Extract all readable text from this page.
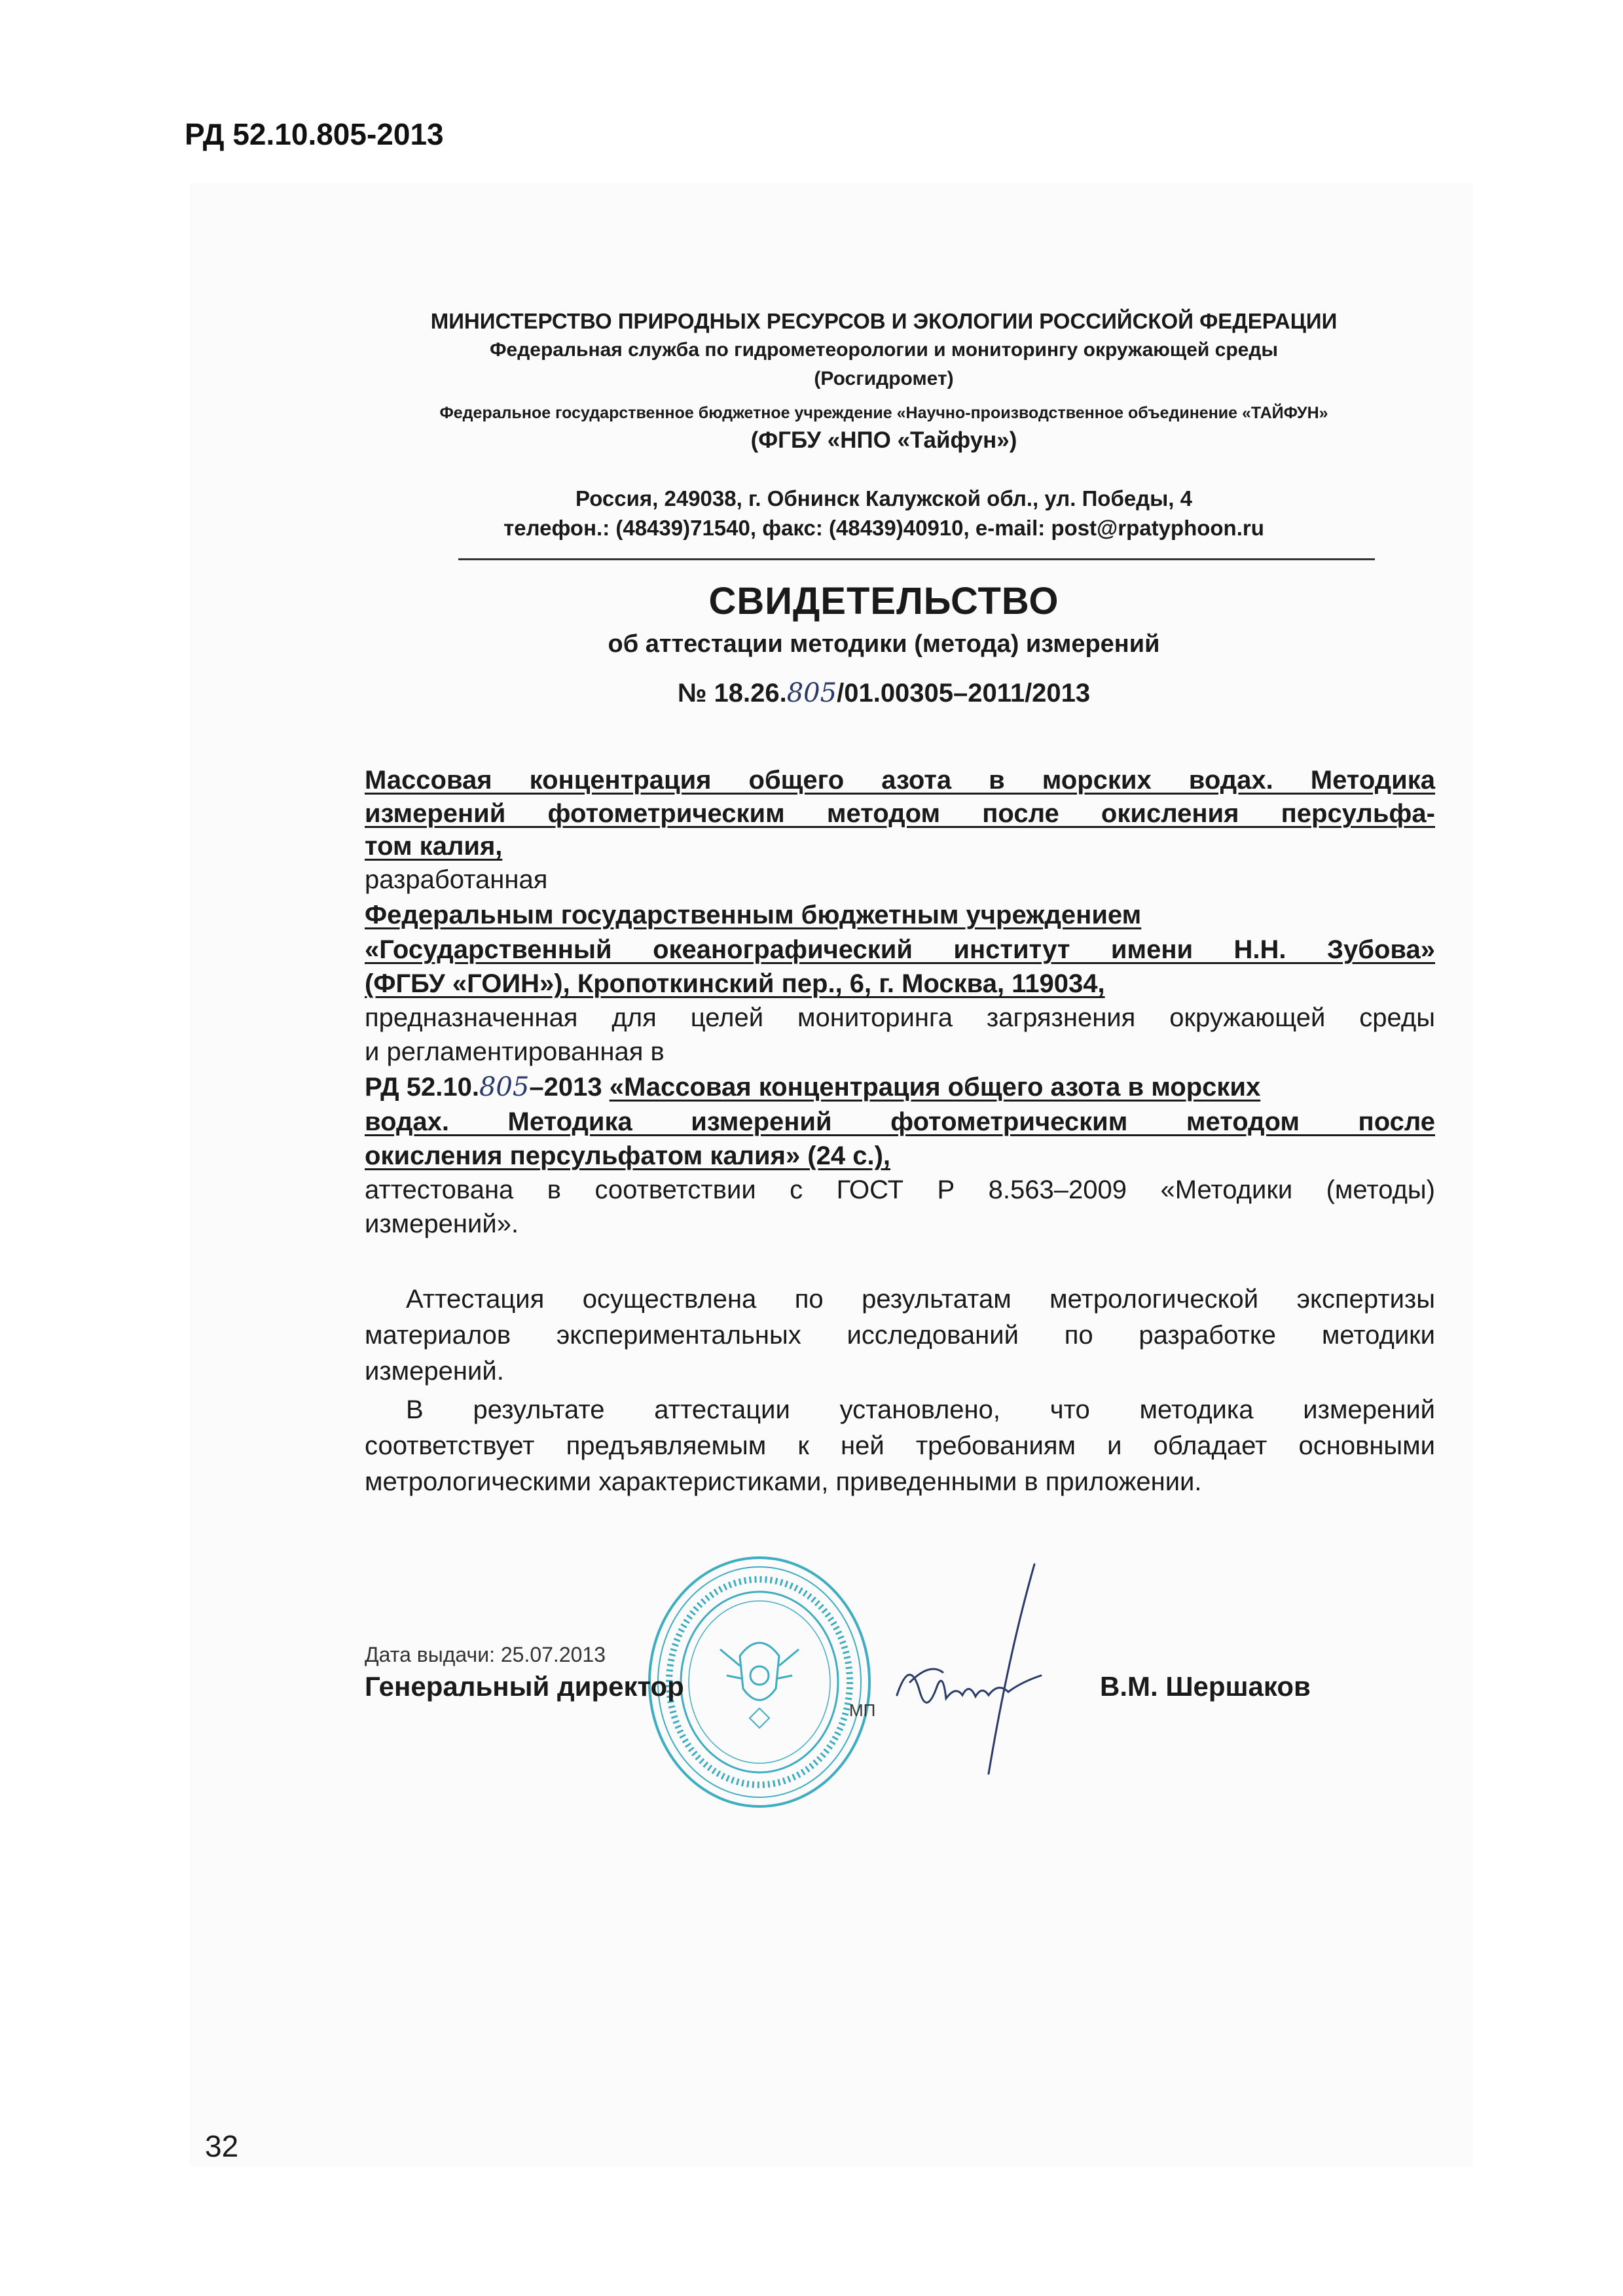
РД 52.10.805-2013
МИНИСТЕРСТВО ПРИРОДНЫХ РЕСУРСОВ И ЭКОЛОГИИ РОССИЙСКОЙ ФЕДЕРАЦИИ
Федеральная служба по гидрометеорологии и мониторингу окружающей среды
(Росгидромет)
Федеральное государственное бюджетное учреждение «Научно-производственное объединение «ТАЙФУН»
(ФГБУ «НПО «Тайфун»)
Россия, 249038, г. Обнинск Калужской обл., ул. Победы, 4
телефон.: (48439)71540, факс: (48439)40910, e-mail: post@rpatyphoon.ru
СВИДЕТЕЛЬСТВО
об аттестации методики (метода) измерений
№ 18.26.805/01.00305–2011/2013
Массовая концентрация общего азота в морских водах. Методика
измерений фотометрическим методом после окисления персульфа-
том калия,
разработанная
Федеральным государственным бюджетным учреждением
«Государственный океанографический институт имени Н.Н. Зубова»
(ФГБУ «ГОИН»), Кропоткинский пер., 6, г. Москва, 119034,
предназначенная для целей мониторинга загрязнения окружающей среды
и регламентированная в
РД 52.10.805–2013 «Массовая концентрация общего азота в морских
водах. Методика измерений фотометрическим методом после
окисления персульфатом калия» (24 с.),
аттестована в соответствии с ГОСТ Р 8.563–2009 «Методики (методы)
измерений».
Аттестация осуществлена по результатам метрологической экспертизы
материалов экспериментальных исследований по разработке методики
измерений.
В результате аттестации установлено, что методика измерений
соответствует предъявляемым к ней требованиям и обладает основными
метрологическими характеристиками, приведенными в приложении.
Дата выдачи: 25.07.2013
Генеральный директор
МП
В.М. Шершаков
32
